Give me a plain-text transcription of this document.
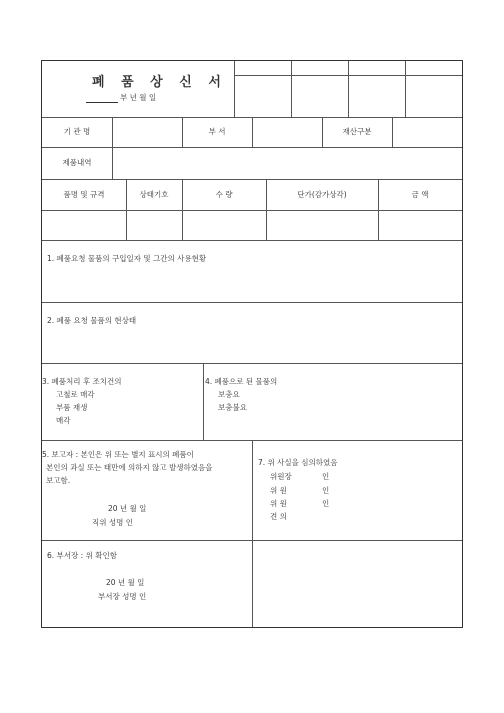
폐 품 상 신 서
부 년 월 일
기 관 명	부 서	재산구분
제품내역
품명 및 규격	상태기호	수 량	단가(감가상각)	금 액
1. 폐품요청 물품의 구입일자 및 그간의 사용현황
2. 폐품 요청 물품의 현상태
3. 폐품처리 후 조치건의
고철로 매각
부품 재생
매각
4. 폐품으로 된 물품의
보충요
보충불요
5. 보고자 : 본인은 위 또는 별지 표시의 폐품이
본인의 과실 또는 태만에 의하지 않고 발생하였음을
보고함.
20 년 월 일
직위 성명 인
6. 부서장 : 위 확인함
20 년 월 일
부서장 성명 인
7. 위 사실을 심의하였음
위원장	인
위 원	인
위 원	인
견 의
